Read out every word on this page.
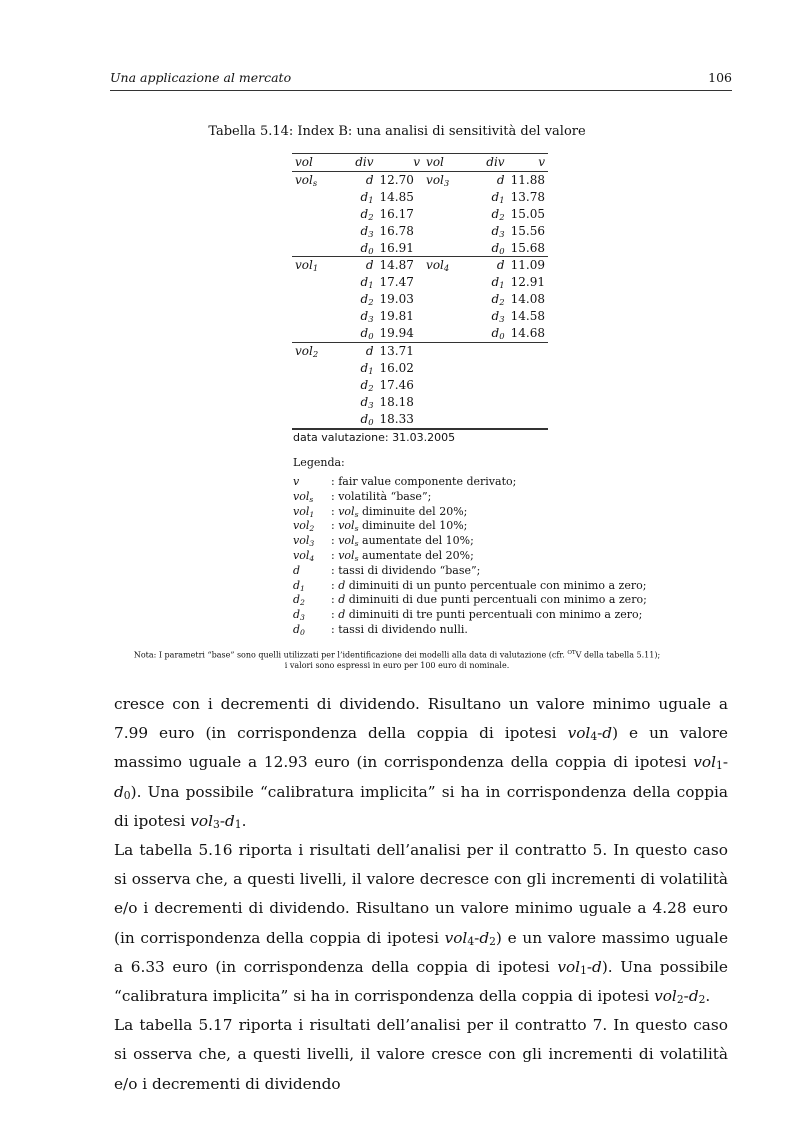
Una applicazione al mercato	106
Tabella 5.14: Index B: una analisi di sensitività del valore
vol	div	v	vol	div	v
vol$_s$	d	12.70	vol$_3$	d	11.88
	$d_1$	14.85		$d_1$	13.78
	$d_2$	16.17		$d_2$	15.05
	$d_3$	16.78		$d_3$	15.56
	$d_0$	16.91		$d_0$	15.68
vol$_1$	d	14.87	vol$_4$	d	11.09
	$d_1$	17.47		$d_1$	12.91
	$d_2$	19.03		$d_2$	14.08
	$d_3$	19.81		$d_3$	14.58
	$d_0$	19.94		$d_0$	14.68
vol$_2$	d	13.71			
	$d_1$	16.02			
	$d_2$	17.46			
	$d_3$	18.18			
	$d_0$	18.33			
data valutazione: 31.03.2005
Legenda:
v	: fair value componente derivato;
vol$_s$ : volatilità “base”;
vol$_1$ : vol$_s$ diminuite del 20%;
vol$_2$ : vol$_s$ diminuite del 10%;
vol$_3$ : vol$_s$ aumentate del 10%;
vol$_4$ : vol$_s$ aumentate del 20%;
d	: tassi di dividendo “base”;
$d_1$ : d diminuiti di un punto percentuale con minimo a zero;
$d_2$ : d diminuiti di due punti percentuali con minimo a zero;
$d_3$ : d diminuiti di tre punti percentuali con minimo a zero;
$d_0$ : tassi di dividendo nulli.
Nota: I parametri “base” sono quelli utilizzati per l’identificazione dei modelli alla data di valutazione (cfr. $^{OT}$V della tabella 5.11);
i valori sono espressi in euro per 100 euro di nominale.

cresce con i decrementi di dividendo. Risultano un valore minimo uguale a 7.99 euro (in corrispondenza della coppia di ipotesi vol$_4$-d) e un valore massimo uguale a 12.93 euro (in corrispondenza della coppia di ipotesi $vol_1-d_0$). Una possibile “calibratura implicita” si ha in corrispondenza della coppia di ipotesi $vol_3-d_1$.

La tabella 5.16 riporta i risultati dell’analisi per il contratto 5. In questo caso si osserva che, a questi livelli, il valore decresce con gli incrementi di volatilità e/o i decrementi di dividendo. Risultano un valore minimo uguale a 4.28 euro (in corrispondenza della coppia di ipotesi $vol_4-d_2$) e un valore massimo uguale a 6.33 euro (in corrispondenza della coppia di ipotesi vol$_1$-d). Una possibile “calibratura implicita” si ha in corrispondenza della coppia di ipotesi $vol_2-d_2$.

La tabella 5.17 riporta i risultati dell’analisi per il contratto 7. In questo caso si osserva che, a questi livelli, il valore cresce con gli incrementi di volatilità e/o i decrementi di dividendo
